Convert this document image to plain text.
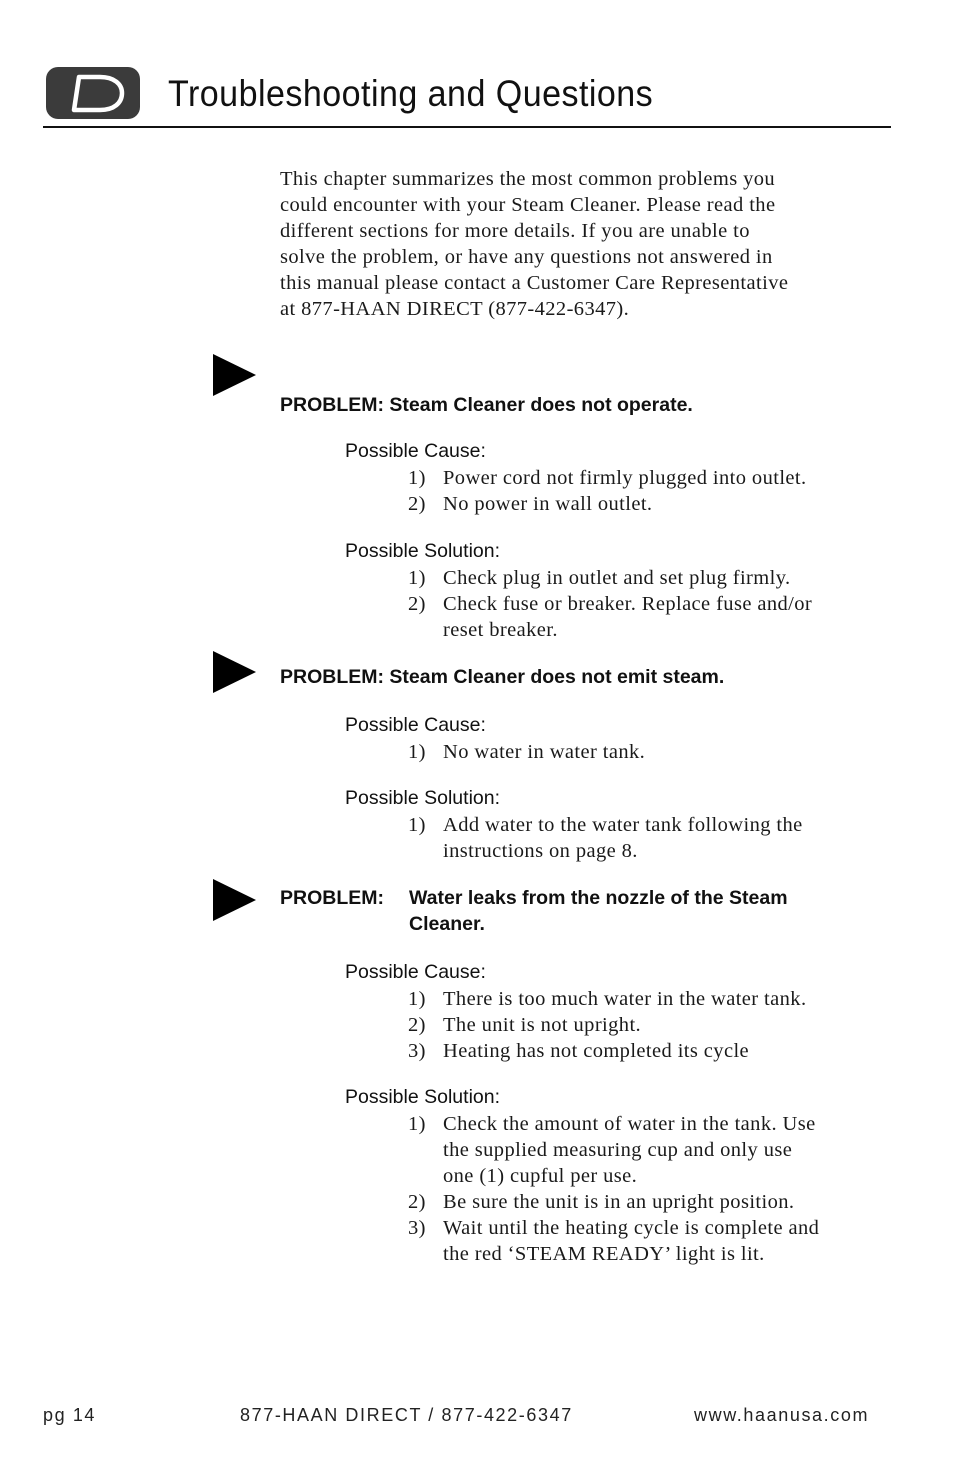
Troubleshooting and Questions

This chapter summarizes the most common problems you
could encounter with your Steam Cleaner. Please read the
different sections for more details. If you are unable to
solve the problem, or have any questions not answered in
this manual please contact a Customer Care Representative
at 877-HAAN DIRECT (877-422-6347).

PROBLEM: Steam Cleaner does not operate.
Possible Cause:
1) Power cord not firmly plugged into outlet.
2) No power in wall outlet.
Possible Solution:
1) Check plug in outlet and set plug firmly.
2) Check fuse or breaker. Replace fuse and/or
reset breaker.
PROBLEM: Steam Cleaner does not emit steam.
Possible Cause:
1) No water in water tank.
Possible Solution:
1) Add water to the water tank following the
instructions on page 8.
PROBLEM: Water leaks from the nozzle of the Steam
Cleaner.
Possible Cause:
1) There is too much water in the water tank.
2) The unit is not upright.
3) Heating has not completed its cycle
Possible Solution:
1) Check the amount of water in the tank. Use
the supplied measuring cup and only use
one (1) cupful per use.
2) Be sure the unit is in an upright position.
3) Wait until the heating cycle is complete and
the red ‘STEAM READY’ light is lit.
pg 14	877-HAAN DIRECT / 877-422-6347	www.haanusa.com
